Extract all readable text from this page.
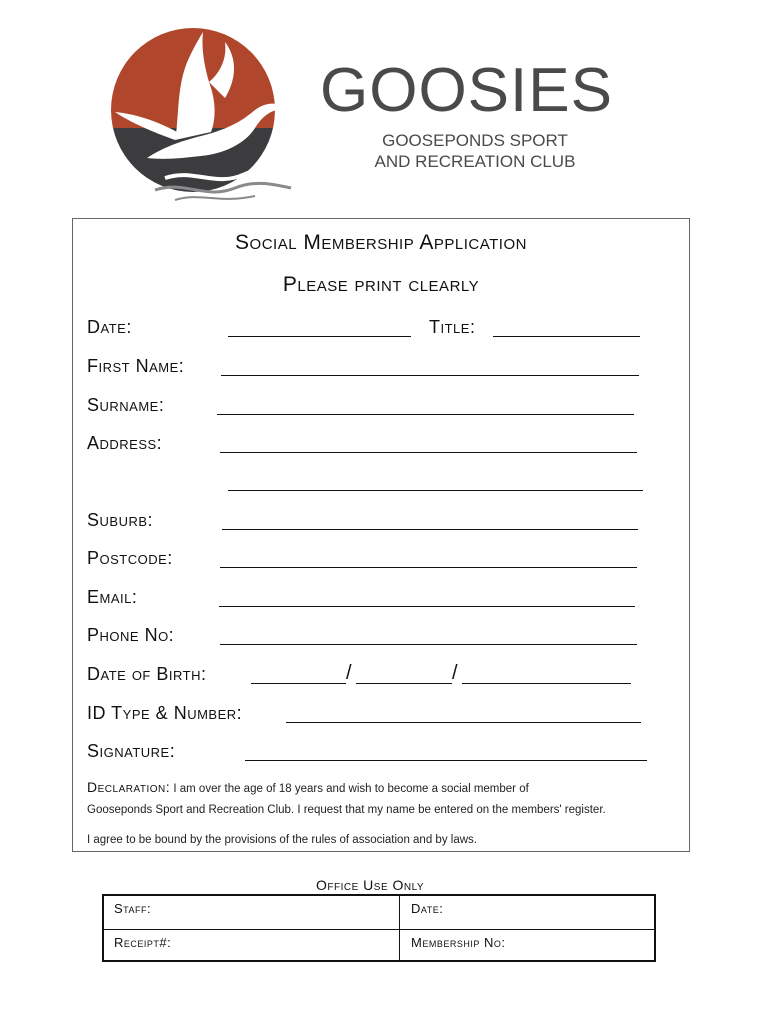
GOOSIES
GOOSEPONDS SPORT
AND RECREATION CLUB
Social Membership Application
Please print clearly
Date:	Title:
First Name:
Surname:
Address:
Suburb:
Postcode:
Email:
Phone No:
Date of Birth:	/	/
ID Type & Number:
Signature:
Declaration: I am over the age of 18 years and wish to become a social member of
Gooseponds Sport and Recreation Club. I request that my name be entered on the members' register.
I agree to be bound by the provisions of the rules of association and by laws.
Office Use Only
Staff:	Date:
Receipt#:	Membership No:
